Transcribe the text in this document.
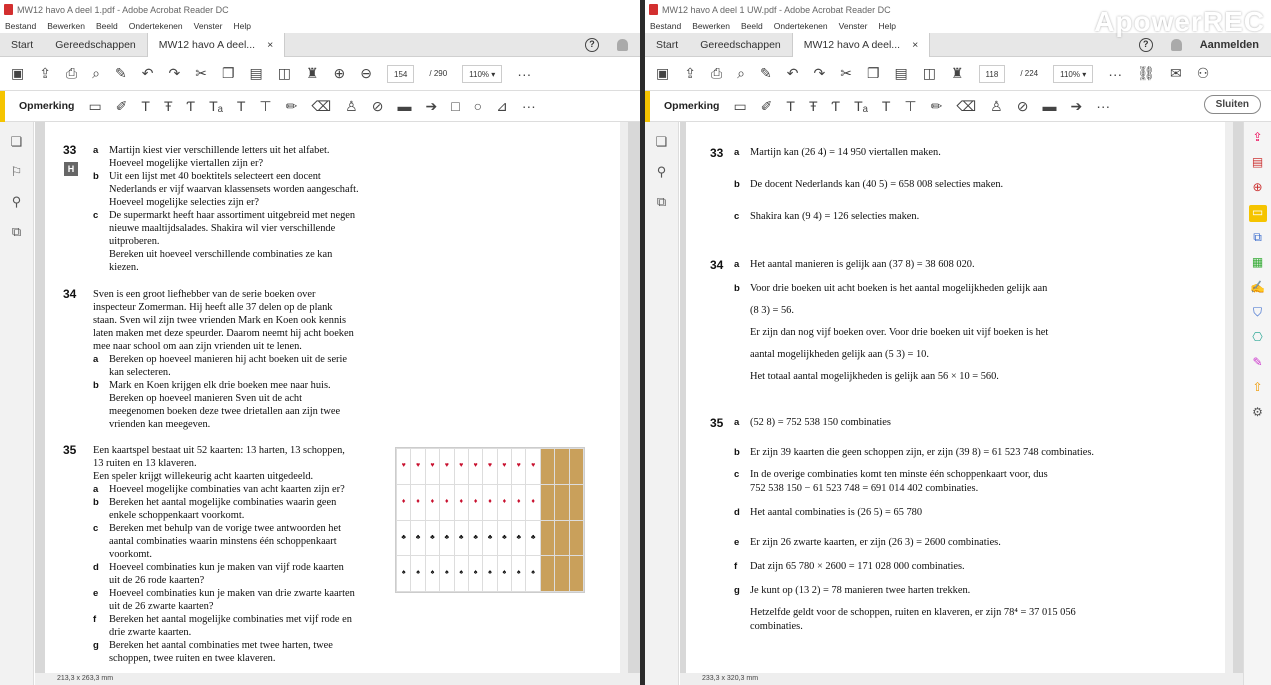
MW12 havo A deel 1.pdf - Adobe Acrobat Reader DC
Bestand Bewerken Beeld Ondertekenen Venster Help
Start	Gereedschappen	MW12 havo A deel... ×	?
▣ ⇪ ⎙ ⌕ ✎ ↶ ↷ ✂ ❐ ▤ ◫ ♜ ⊕ ⊖	154	/ 290	110% ▾	···
Opmerking ▭ ✐ T Ŧ Ƭ Tₐ T ⊤ ✏ ⌫ ♙ ⊘ ▬ ➔ □ ○ ⊿ ···
❏
⚐
⚲
⧉
H
33 a Martijn kiest vier verschillende letters uit het alfabet.
Hoeveel mogelijke viertallen zijn er?
b Uit een lijst met 40 boektitels selecteert een docent
Nederlands er vijf waarvan klassensets worden aangeschaft.
Hoeveel mogelijke selecties zijn er?
c De supermarkt heeft haar assortiment uitgebreid met negen
nieuwe maaltijdsalades. Shakira wil vier verschillende
uitproberen.
Bereken uit hoeveel verschillende combinaties ze kan
kiezen.
34 Sven is een groot liefhebber van de serie boeken over
inspecteur Zomerman. Hij heeft alle 37 delen op de plank
staan. Sven wil zijn twee vrienden Mark en Koen ook kennis
laten maken met deze speurder. Daarom neemt hij acht boeken
mee naar school om aan zijn vrienden uit te lenen.
a Bereken op hoeveel manieren hij acht boeken uit de serie
kan selecteren.
b Mark en Koen krijgen elk drie boeken mee naar huis.
Bereken op hoeveel manieren Sven uit de acht
meegenomen boeken deze twee drietallen aan zijn twee
vrienden kan meegeven.
35 Een kaartspel bestaat uit 52 kaarten: 13 harten, 13 schoppen,
13 ruiten en 13 klaveren.
Een speler krijgt willekeurig acht kaarten uitgedeeld.
a Hoeveel mogelijke combinaties van acht kaarten zijn er?
b Bereken het aantal mogelijke combinaties waarin geen
enkele schoppenkaart voorkomt.
c Bereken met behulp van de vorige twee antwoorden het
aantal combinaties waarin minstens één schoppenkaart
voorkomt.
d Hoeveel combinaties kun je maken van vijf rode kaarten
uit de 26 rode kaarten?
e Hoeveel combinaties kun je maken van drie zwarte kaarten
uit de 26 zwarte kaarten?
f Bereken het aantal mogelijke combinaties met vijf rode en
drie zwarte kaarten.
g Bereken het aantal combinaties met twee harten, twee
schoppen, twee ruiten en twee klaveren.
♥	♥	♥	♥	♥	♥	♥	♥	♥	♥
♦	♦	♦	♦	♦	♦	♦	♦	♦	♦
♣	♣	♣	♣	♣	♣	♣	♣	♣	♣
♠	♠	♠	♠	♠	♠	♠	♠	♠	♠
213,3 x 263,3 mm
MW12 havo A deel 1 UW.pdf - Adobe Acrobat Reader DC
Bestand Bewerken Beeld Ondertekenen Venster Help
Start	Gereedschappen	MW12 havo A deel... ×	?	Aanmelden
▣ ⇪ ⎙ ⌕ ✎ ↶ ↷ ✂ ❐ ▤ ◫ ♜	118	/ 224	110% ▾	··· ⛓ ✉ ⚇
Opmerking ▭ ✐ T Ŧ Ƭ Tₐ T ⊤ ✏ ⌫ ♙ ⊘ ▬ ➔ ···	Sluiten
❏
⚲
⧉
33 a Martijn kan (26 4) = 14 950 viertallen maken.
b De docent Nederlands kan (40 5) = 658 008 selecties maken.
c Shakira kan (9 4) = 126 selecties maken.
34 a Het aantal manieren is gelijk aan (37 8) = 38 608 020.
b Voor drie boeken uit acht boeken is het aantal mogelijkheden gelijk aan
(8 3) = 56.
Er zijn dan nog vijf boeken over. Voor drie boeken uit vijf boeken is het
aantal mogelijkheden gelijk aan (5 3) = 10.
Het totaal aantal mogelijkheden is gelijk aan 56 × 10 = 560.
35 a (52 8) = 752 538 150 combinaties
b Er zijn 39 kaarten die geen schoppen zijn, er zijn (39 8) = 61 523 748 combinaties.
c In de overige combinaties komt ten minste één schoppenkaart voor, dus
752 538 150 − 61 523 748 = 691 014 402 combinaties.
d Het aantal combinaties is (26 5) = 65 780
e Er zijn 26 zwarte kaarten, er zijn (26 3) = 2600 combinaties.
f Dat zijn 65 780 × 2600 = 171 028 000 combinaties.
g Je kunt op (13 2) = 78 manieren twee harten trekken.
Hetzelfde geldt voor de schoppen, ruiten en klaveren, er zijn 78⁴ = 37 015 056
combinaties.
⇪
▤
⊕
▭
⧉
▦
✍
⛉
⎔
✎
⇧
⚙
233,3 x 320,3 mm
ApowerREC
